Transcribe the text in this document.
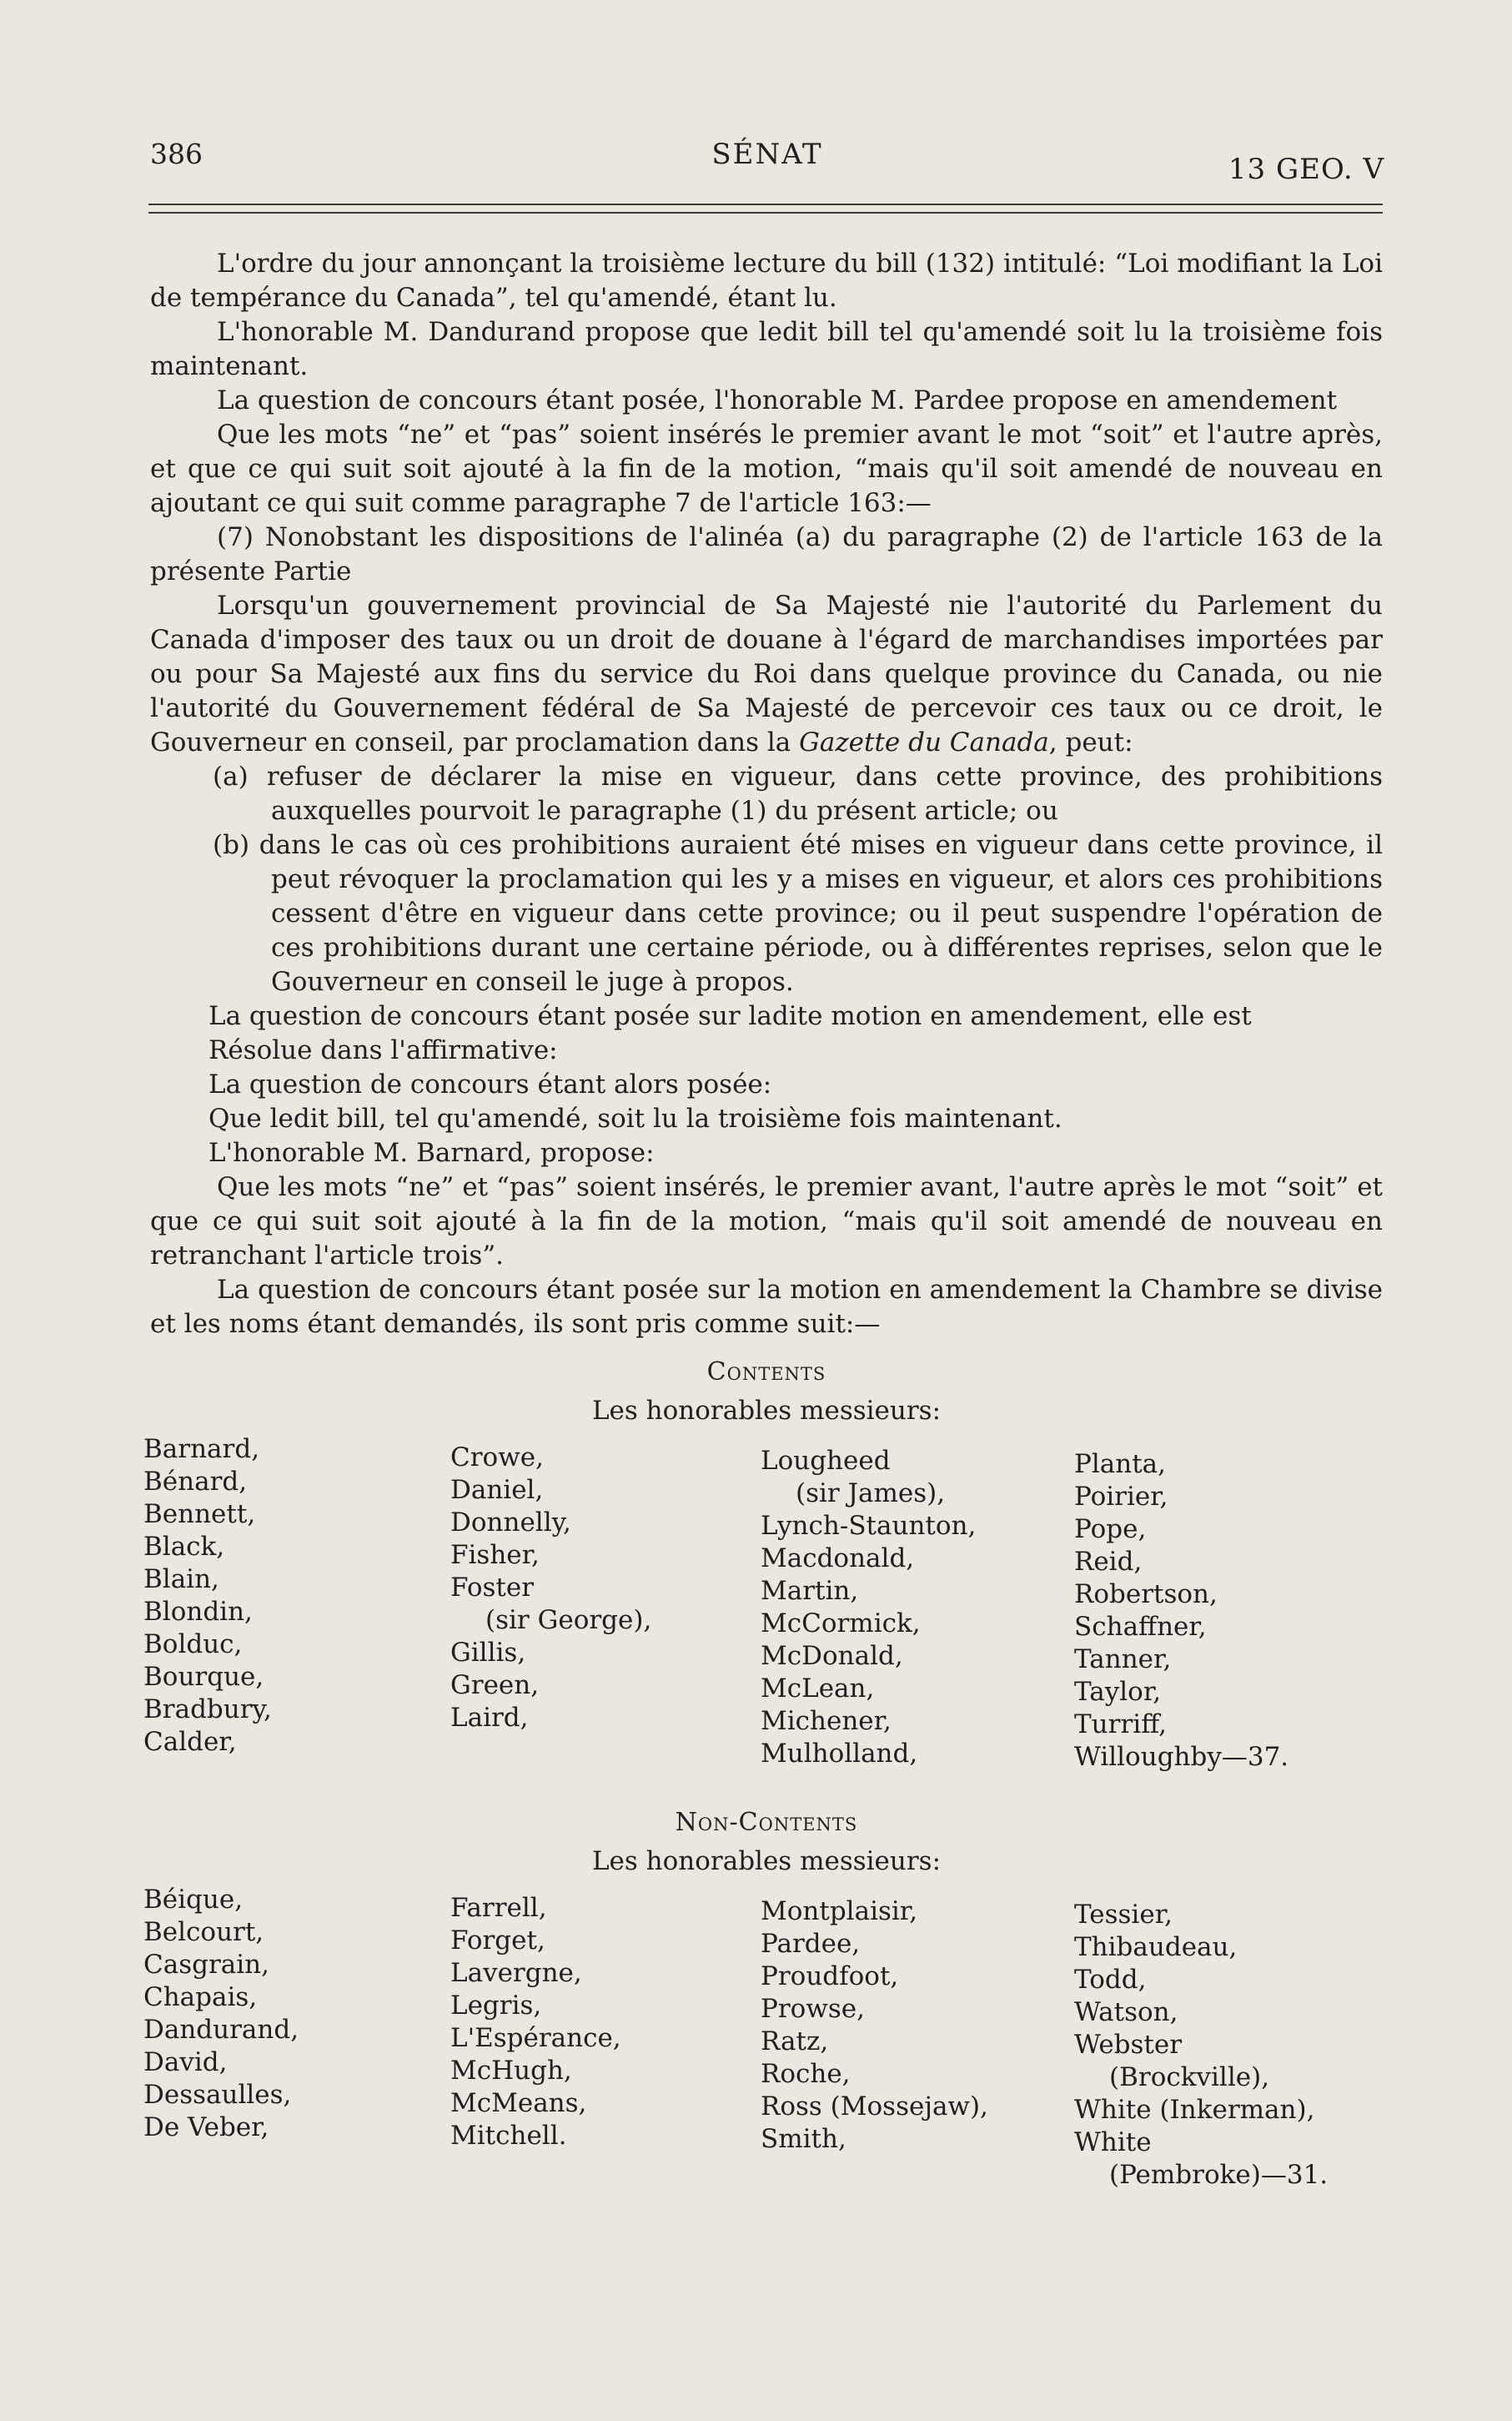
386	SÉNAT	13 GEO. V

L'ordre du jour annonçant la troisième lecture du bill (132) intitulé: “Loi modifiant la Loi de tempérance du Canada”, tel qu'amendé, étant lu.

L'honorable M. Dandurand propose que ledit bill tel qu'amendé soit lu la troisième fois maintenant.

La question de concours étant posée, l'honorable M. Pardee propose en amendement

Que les mots “ne” et “pas” soient insérés le premier avant le mot “soit” et l'autre après, et que ce qui suit soit ajouté à la fin de la motion, “mais qu'il soit amendé de nouveau en ajoutant ce qui suit comme paragraphe 7 de l'article 163:—

(7) Nonobstant les dispositions de l'alinéa (a) du paragraphe (2) de l'article 163 de la présente Partie

Lorsqu'un gouvernement provincial de Sa Majesté nie l'autorité du Parlement du Canada d'imposer des taux ou un droit de douane à l'égard de marchandises importées par ou pour Sa Majesté aux fins du service du Roi dans quelque province du Canada, ou nie l'autorité du Gouvernement fédéral de Sa Majesté de percevoir ces taux ou ce droit, le Gouverneur en conseil, par proclamation dans la Gazette du Canada, peut:

(a) refuser de déclarer la mise en vigueur, dans cette province, des prohibitions auxquelles pourvoit le paragraphe (1) du présent article; ou

(b) dans le cas où ces prohibitions auraient été mises en vigueur dans cette province, il peut révoquer la proclamation qui les y a mises en vigueur, et alors ces prohibitions cessent d'être en vigueur dans cette province; ou il peut suspendre l'opération de ces prohibitions durant une certaine période, ou à différentes reprises, selon que le Gouverneur en conseil le juge à propos.

La question de concours étant posée sur ladite motion en amendement, elle est

Résolue dans l'affirmative:

La question de concours étant alors posée:

Que ledit bill, tel qu'amendé, soit lu la troisième fois maintenant.

L'honorable M. Barnard, propose:

Que les mots “ne” et “pas” soient insérés, le premier avant, l'autre après le mot “soit” et que ce qui suit soit ajouté à la fin de la motion, “mais qu'il soit amendé de nouveau en retranchant l'article trois”.

La question de concours étant posée sur la motion en amendement la Chambre se divise et les noms étant demandés, ils sont pris comme suit:—

Contents
Les honorables messieurs:
Barnard,
Bénard,
Bennett,
Black,
Blain,
Blondin,
Bolduc,
Bourque,
Bradbury,
Calder,
Crowe,
Daniel,
Donnelly,
Fisher,
Foster
(sir George),
Gillis,
Green,
Laird,
Lougheed
(sir James),
Lynch-Staunton,
Macdonald,
Martin,
McCormick,
McDonald,
McLean,
Michener,
Mulholland,
Planta,
Poirier,
Pope,
Reid,
Robertson,
Schaffner,
Tanner,
Taylor,
Turriff,
Willoughby—37.
Non-Contents
Les honorables messieurs:
Béique,
Belcourt,
Casgrain,
Chapais,
Dandurand,
David,
Dessaulles,
De Veber,
Farrell,
Forget,
Lavergne,
Legris,
L'Espérance,
McHugh,
McMeans,
Mitchell.
Montplaisir,
Pardee,
Proudfoot,
Prowse,
Ratz,
Roche,
Ross (Mossejaw),
Smith,
Tessier,
Thibaudeau,
Todd,
Watson,
Webster
(Brockville),
White (Inkerman),
White
(Pembroke)—31.
